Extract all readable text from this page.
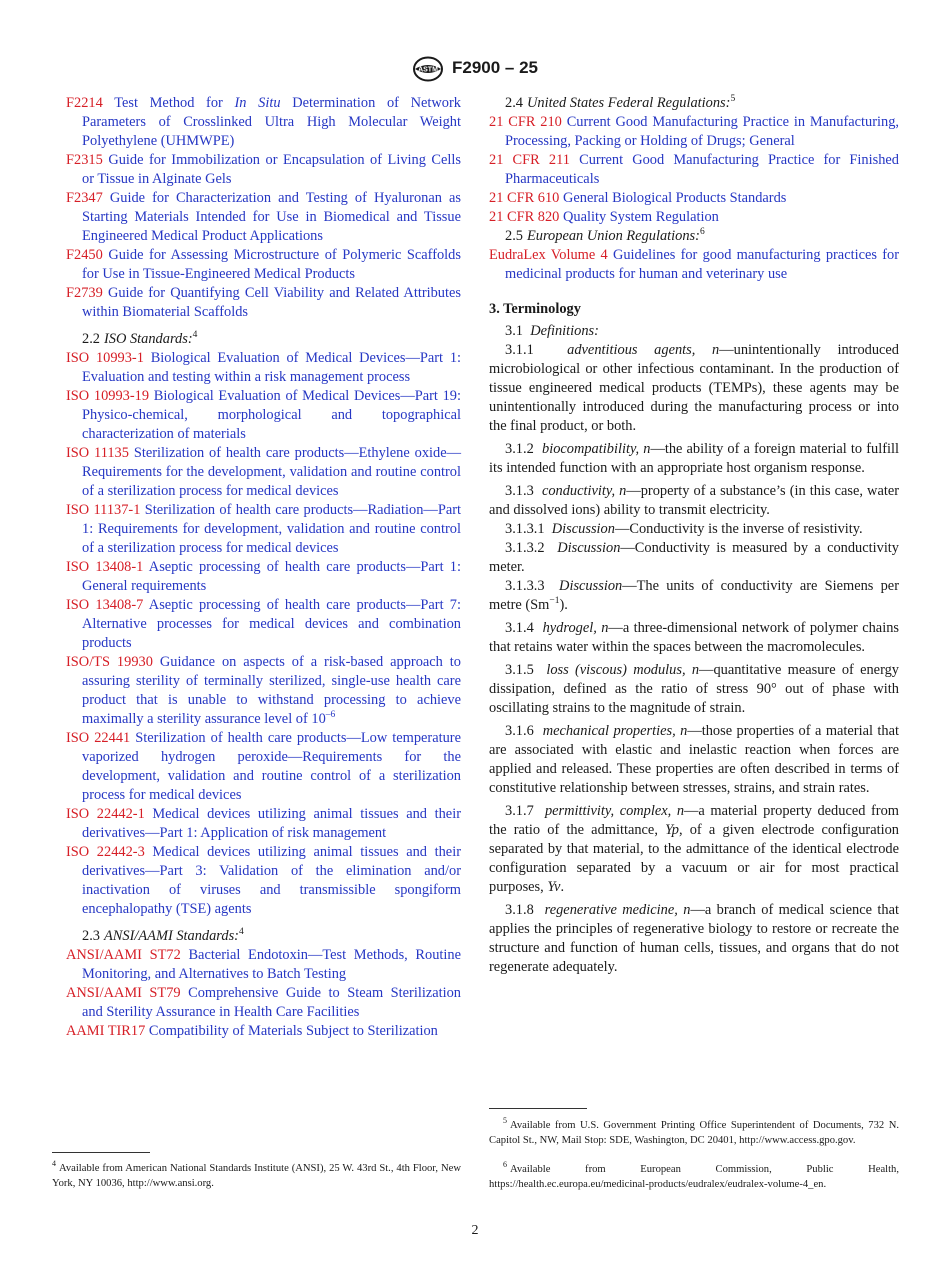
ASTM F2900 – 25
F2214 Test Method for In Situ Determination of Network Parameters of Crosslinked Ultra High Molecular Weight Polyethylene (UHMWPE)
F2315 Guide for Immobilization or Encapsulation of Living Cells or Tissue in Alginate Gels
F2347 Guide for Characterization and Testing of Hyaluronan as Starting Materials Intended for Use in Biomedical and Tissue Engineered Medical Product Applications
F2450 Guide for Assessing Microstructure of Polymeric Scaffolds for Use in Tissue-Engineered Medical Products
F2739 Guide for Quantifying Cell Viability and Related Attributes within Biomaterial Scaffolds
2.2 ISO Standards:$^4$
ISO 10993-1 Biological Evaluation of Medical Devices—Part 1: Evaluation and testing within a risk management process
ISO 10993-19 Biological Evaluation of Medical Devices—Part 19: Physico-chemical, morphological and topographical characterization of materials
ISO 11135 Sterilization of health care products—Ethylene oxide—Requirements for the development, validation and routine control of a sterilization process for medical devices
ISO 11137-1 Sterilization of health care products—Radiation—Part 1: Requirements for development, validation and routine control of a sterilization process for medical devices
ISO 13408-1 Aseptic processing of health care products—Part 1: General requirements
ISO 13408-7 Aseptic processing of health care products—Part 7: Alternative processes for medical devices and combination products
ISO/TS 19930 Guidance on aspects of a risk-based approach to assuring sterility of terminally sterilized, single-use health care product that is unable to withstand processing to achieve maximally a sterility assurance level of $10^{-6}$
ISO 22441 Sterilization of health care products—Low temperature vaporized hydrogen peroxide—Requirements for the development, validation and routine control of a sterilization process for medical devices
ISO 22442-1 Medical devices utilizing animal tissues and their derivatives—Part 1: Application of risk management
ISO 22442-3 Medical devices utilizing animal tissues and their derivatives—Part 3: Validation of the elimination and/or inactivation of viruses and transmissible spongiform encephalopathy (TSE) agents
2.3 ANSI/AAMI Standards:$^4$
ANSI/AAMI ST72 Bacterial Endotoxin—Test Methods, Routine Monitoring, and Alternatives to Batch Testing
ANSI/AAMI ST79 Comprehensive Guide to Steam Sterilization and Sterility Assurance in Health Care Facilities
AAMI TIR17 Compatibility of Materials Subject to Sterilization
$^4$ Available from American National Standards Institute (ANSI), 25 W. 43rd St., 4th Floor, New York, NY 10036, http://www.ansi.org.
2.4 United States Federal Regulations:$^5$
21 CFR 210 Current Good Manufacturing Practice in Manufacturing, Processing, Packing or Holding of Drugs; General
21 CFR 211 Current Good Manufacturing Practice for Finished Pharmaceuticals
21 CFR 610 General Biological Products Standards
21 CFR 820 Quality System Regulation
2.5 European Union Regulations:$^6$
EudraLex Volume 4 Guidelines for good manufacturing practices for medicinal products for human and veterinary use
3. Terminology
3.1 Definitions:
3.1.1 adventitious agents, n—unintentionally introduced microbiological or other infectious contaminant. In the production of tissue engineered medical products (TEMPs), these agents may be unintentionally introduced during the manufacturing process or into the final product, or both.
3.1.2 biocompatibility, n—the ability of a foreign material to fulfill its intended function with an appropriate host organism response.
3.1.3 conductivity, n—property of a substance’s (in this case, water and dissolved ions) ability to transmit electricity.
3.1.3.1 Discussion—Conductivity is the inverse of resistivity.
3.1.3.2 Discussion—Conductivity is measured by a conductivity meter.
3.1.3.3 Discussion—The units of conductivity are Siemens per metre $(Sm^{-1})$.
3.1.4 hydrogel, n—a three-dimensional network of polymer chains that retains water within the spaces between the macromolecules.
3.1.5 loss (viscous) modulus, n—quantitative measure of energy dissipation, defined as the ratio of stress 90° out of phase with oscillating strains to the magnitude of strain.
3.1.6 mechanical properties, n—those properties of a material that are associated with elastic and inelastic reaction when forces are applied and released. These properties are often described in terms of constitutive relationship between stresses, strains, and strain rates.
3.1.7 permittivity, complex, n—a material property deduced from the ratio of the admittance, Yp, of a given electrode configuration separated by that material, to the admittance of the identical electrode configuration separated by a vacuum or air for most practical purposes, Yv.
3.1.8 regenerative medicine, n—a branch of medical science that applies the principles of regenerative biology to restore or recreate the structure and function of human cells, tissues, and organs that do not regenerate adequately.
$^5$ Available from U.S. Government Printing Office Superintendent of Documents, 732 N. Capitol St., NW, Mail Stop: SDE, Washington, DC 20401, http://www.access.gpo.gov.
$^6$ Available from European Commission, Public Health, https://health.ec.europa.eu/medicinal-products/eudralex/eudralex-volume-4_en.
2
